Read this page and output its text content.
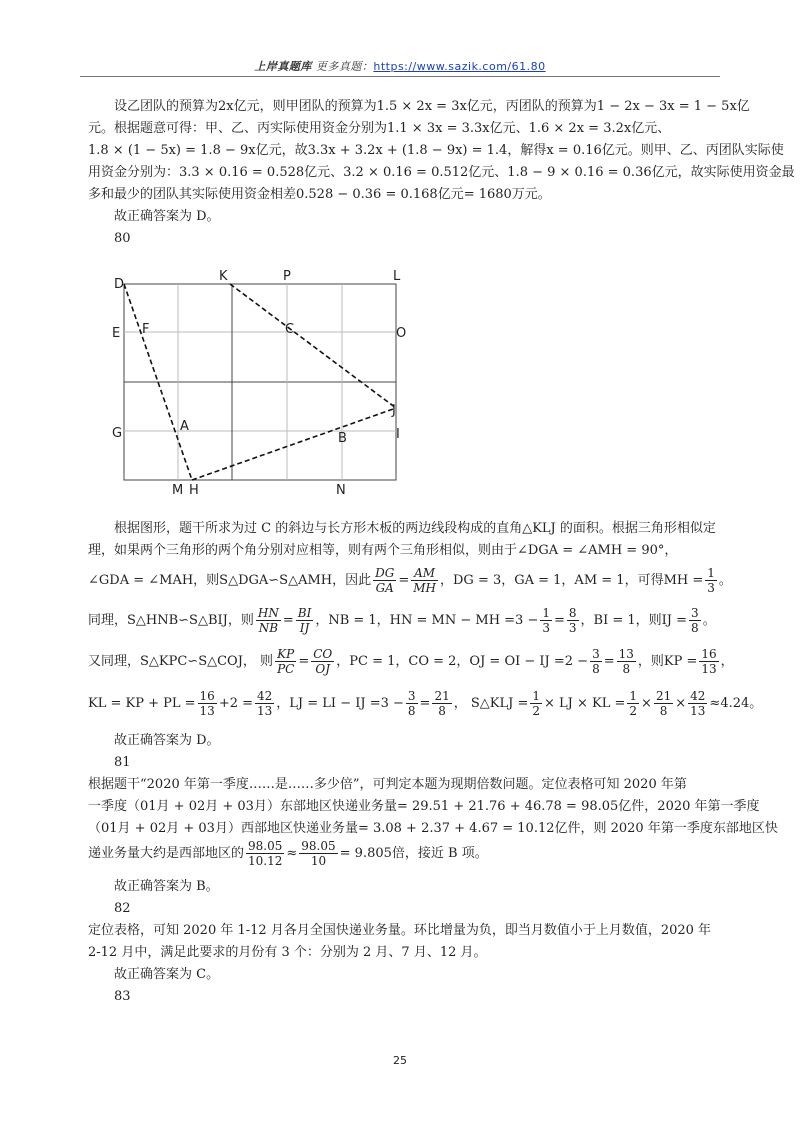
上岸真题库 更多真题：https://www.sazik.com/61.80
设乙团队的预算为2x亿元，则甲团队的预算为1.5 × 2x = 3x亿元，丙团队的预算为1 − 2x − 3x = 1 − 5x亿
元。根据题意可得：甲、乙、丙实际使用资金分别为1.1 × 3x = 3.3x亿元、1.6 × 2x = 3.2x亿元、
1.8 × (1 − 5x) = 1.8 − 9x亿元，故3.3x + 3.2x + (1.8 − 9x) = 1.4，解得x = 0.16亿元。则甲、乙、丙团队实际使
用资金分别为：3.3 × 0.16 = 0.528亿元、3.2 × 0.16 = 0.512亿元、1.8 − 9 × 0.16 = 0.36亿元，故实际使用资金最
多和最少的团队其实际使用资金相差0.528 − 0.36 = 0.168亿元= 1680万元。
故正确答案为 D。
80
D
K	P	L
E F	C	O
J
G	A
B	I
M H	N
根据图形，题干所求为过 C 的斜边与长方形木板的两边线段构成的直角△KLJ 的面积。根据三角形相似定
理，如果两个三角形的两个角分别对应相等，则有两个三角形相似，则由于∠DGA = ∠AMH = 90°，
∠GDA = ∠MAH，则S△DGA∽S△AMH，因此 $\frac{DG}{GA} = \frac{AM}{MH}$ ，DG = 3，GA = 1，AM = 1，可得MH = $\frac{1}{3}$ 。
同理，S△HNB∽S△BIJ，则 $\frac{HN}{NB} = \frac{BI}{IJ}$ ，NB = 1，HN = MN − MH $=3 - \frac{1}{3} = \frac{8}{3}$ ，BI = 1，则IJ = $\frac{3}{8}$ 。
又同理，S△KPC∽S△COJ， 则 $\frac{KP}{PC} = \frac{CO}{OJ}$ ，PC = 1，CO = 2，OJ = OI − IJ $=2 - \frac{3}{8} = \frac{13}{8}$ ，则KP = $\frac{16}{13}$ ，
KL = KP + PL = $\frac{16}{13} +2 = \frac{42}{13}$ ，LJ = LI − IJ $=3 - \frac{3}{8} = \frac{21}{8}$ ， S△KLJ = $\frac{1}{2}$ × LJ × KL = $\frac{1}{2} \times \frac{21}{8} \times \frac{42}{13} \approx 4.24$。
故正确答案为 D。
81
根据题干“2020 年第一季度……是……多少倍”，可判定本题为现期倍数问题。定位表格可知 2020 年第
一季度（01月 + 02月 + 03月）东部地区快递业务量= 29.51 + 21.76 + 46.78 = 98.05亿件，2020 年第一季度
（01月 + 02月 + 03月）西部地区快递业务量= 3.08 + 2.37 + 4.67 = 10.12亿件，则 2020 年第一季度东部地区快
递业务量大约是西部地区的 $\frac{98.05}{10.12} \approx \frac{98.05}{10} = 9.805$倍，接近 B 项。
故正确答案为 B。
82
定位表格，可知 2020 年 1-12 月各月全国快递业务量。环比增量为负，即当月数值小于上月数值，2020 年
2-12 月中，满足此要求的月份有 3 个：分别为 2 月、7 月、12 月。
故正确答案为 C。
83
25
